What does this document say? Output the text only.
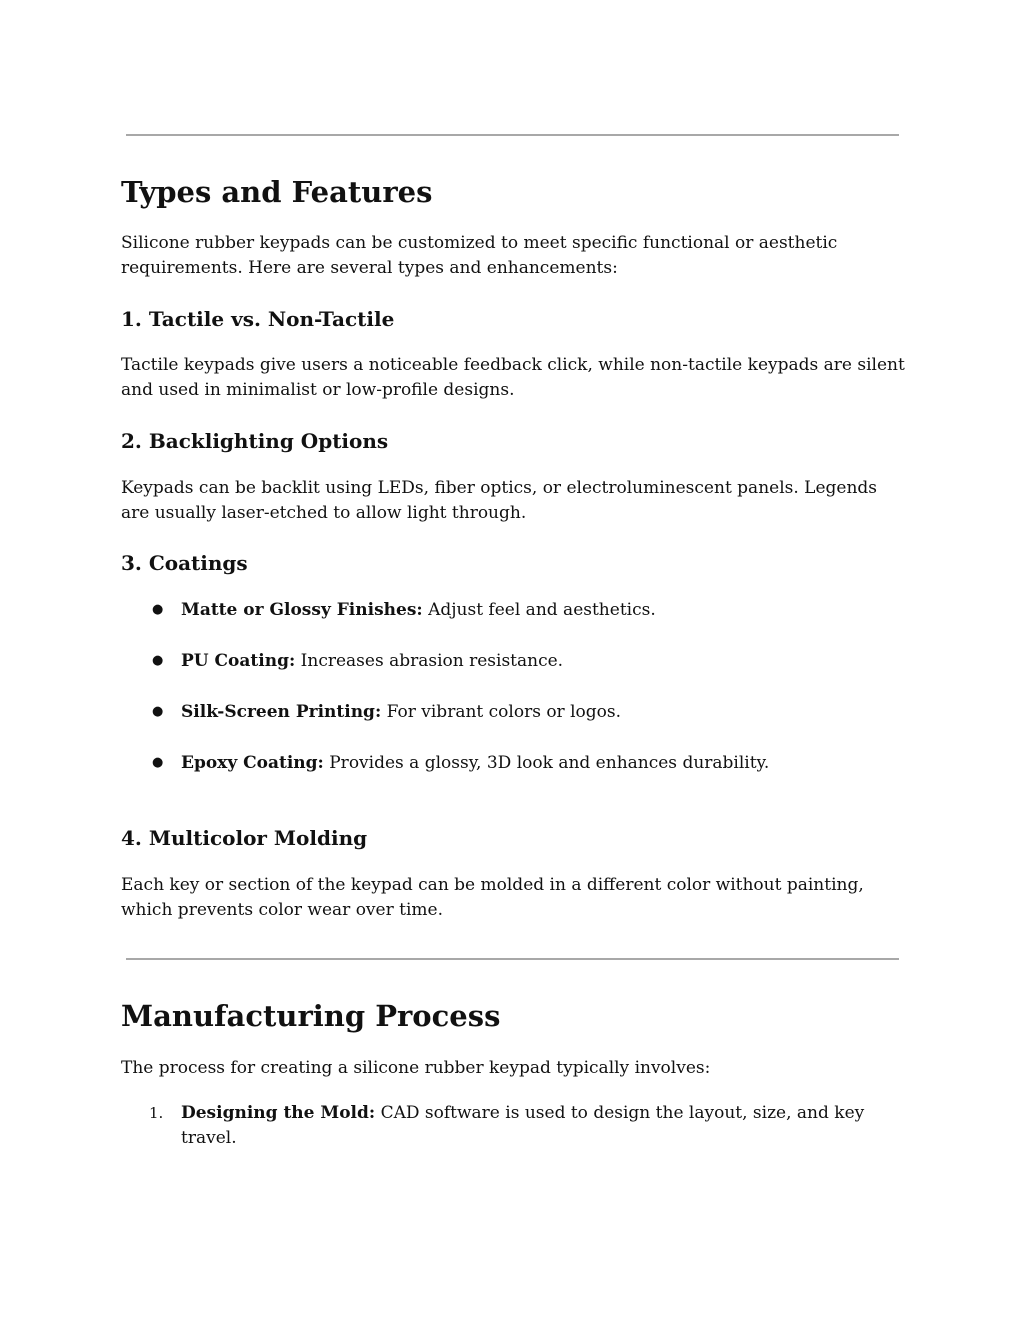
Types and Features

Silicone rubber keypads can be customized to meet specific functional or aesthetic requirements. Here are several types and enhancements:

1. Tactile vs. Non-Tactile

Tactile keypads give users a noticeable feedback click, while non-tactile keypads are silent and used in minimalist or low-profile designs.

2. Backlighting Options

Keypads can be backlit using LEDs, fiber optics, or electroluminescent panels. Legends are usually laser-etched to allow light through.

3. Coatings
● Matte or Glossy Finishes: Adjust feel and aesthetics.
● PU Coating: Increases abrasion resistance.
● Silk-Screen Printing: For vibrant colors or logos.
● Epoxy Coating: Provides a glossy, 3D look and enhances durability.
4. Multicolor Molding

Each key or section of the keypad can be molded in a different color without painting, which prevents color wear over time.

Manufacturing Process

The process for creating a silicone rubber keypad typically involves:

1. Designing the Mold: CAD software is used to design the layout, size, and key travel.
